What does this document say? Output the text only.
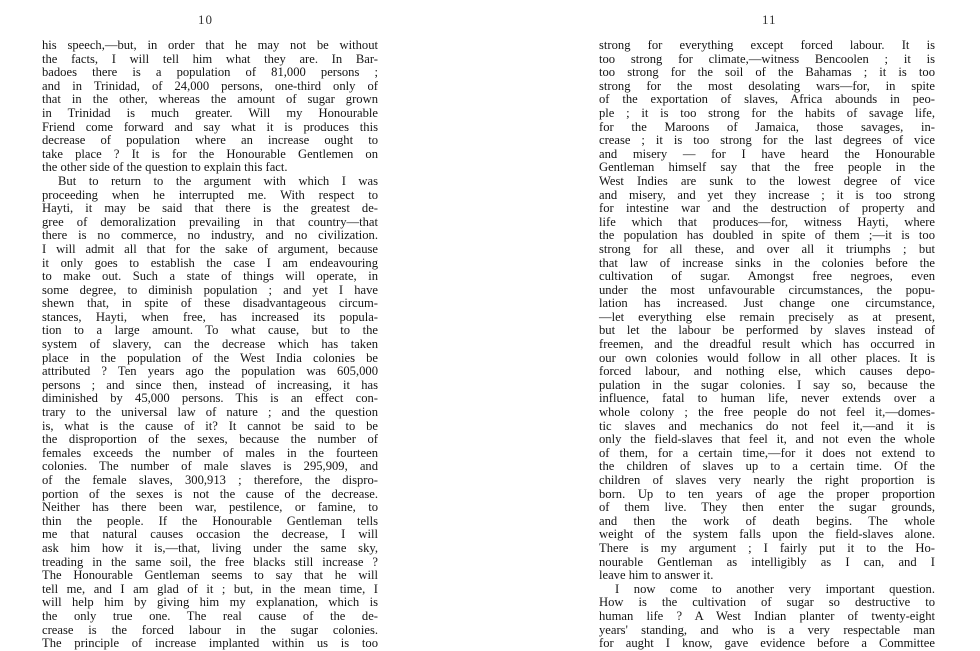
10
his speech,—but, in order that he may not be without
the facts, I will tell him what they are. In Bar-
badoes there is a population of 81,000 persons ;
and in Trinidad, of 24,000 persons, one-third only of
that in the other, whereas the amount of sugar grown
in Trinidad is much greater. Will my Honourable
Friend come forward and say what it is produces this
decrease of population where an increase ought to
take place ? It is for the Honourable Gentlemen on
the other side of the question to explain this fact.
But to return to the argument with which I was
proceeding when he interrupted me. With respect to
Hayti, it may be said that there is the greatest de-
gree of demoralization prevailing in that country—that
there is no commerce, no industry, and no civilization.
I will admit all that for the sake of argument, because
it only goes to establish the case I am endeavouring
to make out. Such a state of things will operate, in
some degree, to diminish population ; and yet I have
shewn that, in spite of these disadvantageous circum-
stances, Hayti, when free, has increased its popula-
tion to a large amount. To what cause, but to the
system of slavery, can the decrease which has taken
place in the population of the West India colonies be
attributed ? Ten years ago the population was 605,000
persons ; and since then, instead of increasing, it has
diminished by 45,000 persons. This is an effect con-
trary to the universal law of nature ; and the question
is, what is the cause of it? It cannot be said to be
the disproportion of the sexes, because the number of
females exceeds the number of males in the fourteen
colonies. The number of male slaves is 295,909, and
of the female slaves, 300,913 ; therefore, the dispro-
portion of the sexes is not the cause of the decrease.
Neither has there been war, pestilence, or famine, to
thin the people. If the Honourable Gentleman tells
me that natural causes occasion the decrease, I will
ask him how it is,—that, living under the same sky,
treading in the same soil, the free blacks still increase ?
The Honourable Gentleman seems to say that he will
tell me, and I am glad of it ; but, in the mean time, I
will help him by giving him my explanation, which is
the only true one. The real cause of the de-
crease is the forced labour in the sugar colonies.
The principle of increase implanted within us is too
11
strong for everything except forced labour. It is
too strong for climate,—witness Bencoolen ; it is
too strong for the soil of the Bahamas ; it is too
strong for the most desolating wars—for, in spite
of the exportation of slaves, Africa abounds in peo-
ple ; it is too strong for the habits of savage life,
for the Maroons of Jamaica, those savages, in-
crease ; it is too strong for the last degrees of vice
and misery — for I have heard the Honourable
Gentleman himself say that the free people in the
West Indies are sunk to the lowest degree of vice
and misery, and yet they increase ; it is too strong
for intestine war and the destruction of property and
life which that produces—for, witness Hayti, where
the population has doubled in spite of them ;—it is too
strong for all these, and over all it triumphs ; but
that law of increase sinks in the colonies before the
cultivation of sugar. Amongst free negroes, even
under the most unfavourable circumstances, the popu-
lation has increased. Just change one circumstance,
—let everything else remain precisely as at present,
but let the labour be performed by slaves instead of
freemen, and the dreadful result which has occurred in
our own colonies would follow in all other places. It is
forced labour, and nothing else, which causes depo-
pulation in the sugar colonies. I say so, because the
influence, fatal to human life, never extends over a
whole colony ; the free people do not feel it,—domes-
tic slaves and mechanics do not feel it,—and it is
only the field-slaves that feel it, and not even the whole
of them, for a certain time,—for it does not extend to
the children of slaves up to a certain time. Of the
children of slaves very nearly the right proportion is
born. Up to ten years of age the proper proportion
of them live. They then enter the sugar grounds,
and then the work of death begins. The whole
weight of the system falls upon the field-slaves alone.
There is my argument ; I fairly put it to the Ho-
nourable Gentleman as intelligibly as I can, and I
leave him to answer it.
I now come to another very important question.
How is the cultivation of sugar so destructive to
human life ? A West Indian planter of twenty-eight
years' standing, and who is a very respectable man
for aught I know, gave evidence before a Committee
